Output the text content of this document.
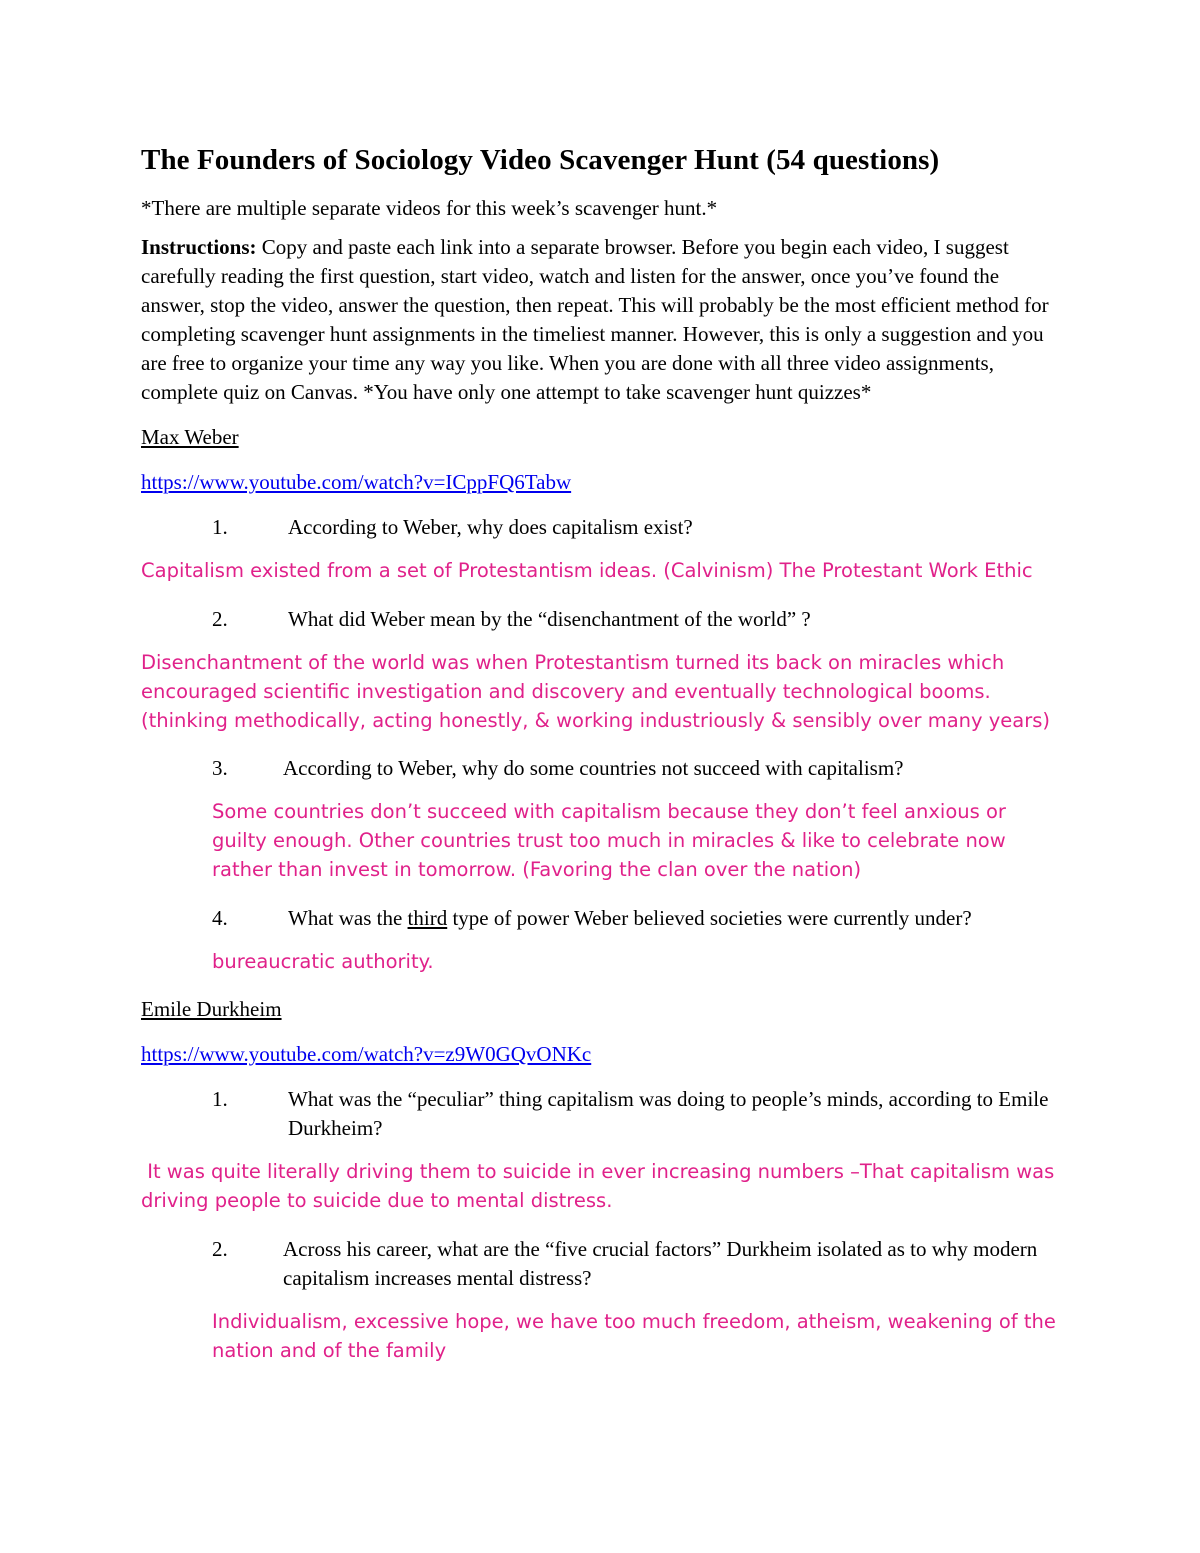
The Founders of Sociology Video Scavenger Hunt (54 questions)

*There are multiple separate videos for this week’s scavenger hunt.*

Instructions: Copy and paste each link into a separate browser. Before you begin each video, I suggest carefully reading the first question, start video, watch and listen for the answer, once you’ve found the answer, stop the video, answer the question, then repeat. This will probably be the most efficient method for completing scavenger hunt assignments in the timeliest manner. However, this is only a suggestion and you are free to organize your time any way you like. When you are done with all three video assignments, complete quiz on Canvas. *You have only one attempt to take scavenger hunt quizzes*

Max Weber

https://www.youtube.com/watch?v=ICppFQ6Tabw

1.	According to Weber, why does capitalism exist?

Capitalism existed from a set of Protestantism ideas. (Calvinism) The Protestant Work Ethic

2.	What did Weber mean by the “disenchantment of the world” ?

Disenchantment of the world was when Protestantism turned its back on miracles which encouraged scientific investigation and discovery and eventually technological booms. (thinking methodically, acting honestly, & working industriously & sensibly over many years)

3.	According to Weber, why do some countries not succeed with capitalism?

Some countries don’t succeed with capitalism because they don’t feel anxious or guilty enough. Other countries trust too much in miracles & like to celebrate now rather than invest in tomorrow. (Favoring the clan over the nation)

4.	What was the third type of power Weber believed societies were currently under?

bureaucratic authority.

Emile Durkheim

https://www.youtube.com/watch?v=z9W0GQvONKc

1.	What was the “peculiar” thing capitalism was doing to people’s minds, according to Emile Durkheim?

It was quite literally driving them to suicide in ever increasing numbers –That capitalism was driving people to suicide due to mental distress.

2.	Across his career, what are the “five crucial factors” Durkheim isolated as to why modern capitalism increases mental distress?

Individualism, excessive hope, we have too much freedom, atheism, weakening of the nation and of the family
